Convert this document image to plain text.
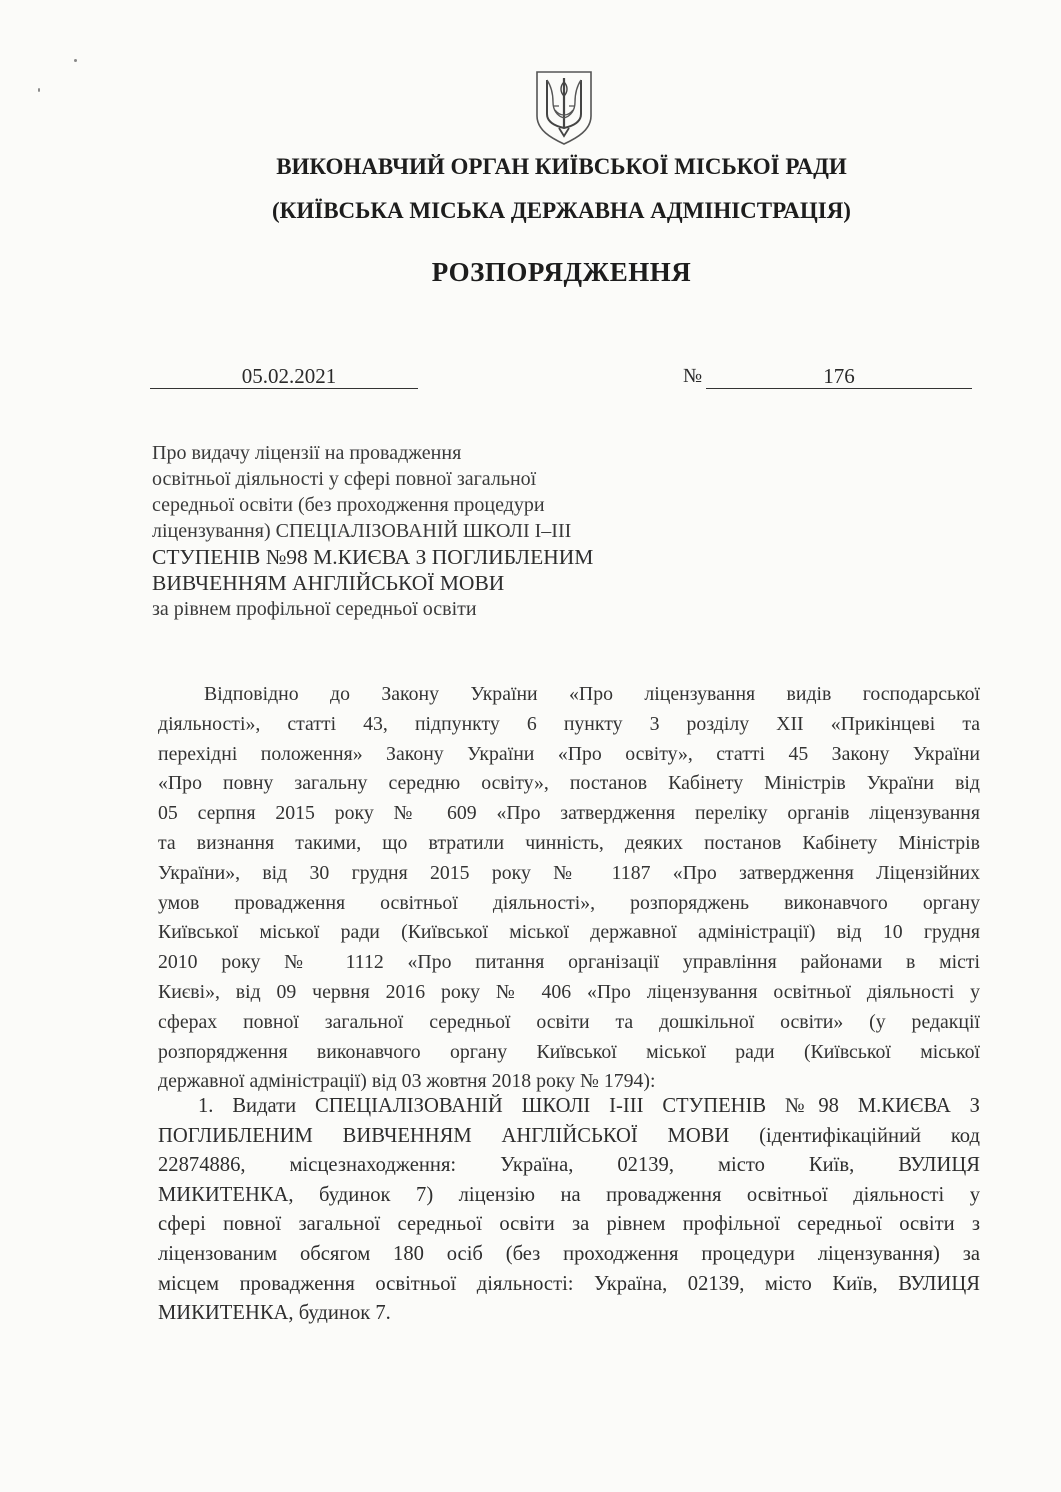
ВИКОНАВЧИЙ ОРГАН КИЇВСЬКОЇ МІСЬКОЇ РАДИ

(КИЇВСЬКА МІСЬКА ДЕРЖАВНА АДМІНІСТРАЦІЯ)

РОЗПОРЯДЖЕННЯ

05.02.2021	№	176
Про видачу ліцензії на провадження
освітньої діяльності у сфері повної загальної
середньої освіти (без проходження процедури
ліцензування) СПЕЦІАЛІЗОВАНІЙ ШКОЛІ І–ІІІ
СТУПЕНІВ №98 М.КИЄВА З ПОГЛИБЛЕНИМ
ВИВЧЕННЯМ АНГЛІЙСЬКОЇ МОВИ
за рівнем профільної середньої освіти
Відповідно до Закону України «Про ліцензування видів господарської
діяльності», статті 43, підпункту 6 пункту 3 розділу ХІІ «Прикінцеві та
перехідні положення» Закону України «Про освіту», статті 45 Закону України
«Про повну загальну середню освіту», постанов Кабінету Міністрів України від
05 серпня 2015 року № 609 «Про затвердження переліку органів ліцензування
та визнання такими, що втратили чинність, деяких постанов Кабінету Міністрів
України», від 30 грудня 2015 року № 1187 «Про затвердження Ліцензійних
умов провадження освітньої діяльності», розпоряджень виконавчого органу
Київської міської ради (Київської міської державної адміністрації) від 10 грудня
2010 року № 1112 «Про питання організації управління районами в місті
Києві», від 09 червня 2016 року № 406 «Про ліцензування освітньої діяльності у
сферах повної загальної середньої освіти та дошкільної освіти» (у редакції
розпорядження виконавчого органу Київської міської ради (Київської міської
державної адміністрації) від 03 жовтня 2018 року № 1794):
1. Видати СПЕЦІАЛІЗОВАНІЙ ШКОЛІ І-ІІІ СТУПЕНІВ №98 М.КИЄВА З
ПОГЛИБЛЕНИМ ВИВЧЕННЯМ АНГЛІЙСЬКОЇ МОВИ (ідентифікаційний код
22874886, місцезнаходження: Україна, 02139, місто Київ, ВУЛИЦЯ
МИКИТЕНКА, будинок 7) ліцензію на провадження освітньої діяльності у
сфері повної загальної середньої освіти за рівнем профільної середньої освіти з
ліцензованим обсягом 180 осіб (без проходження процедури ліцензування) за
місцем провадження освітньої діяльності: Україна, 02139, місто Київ, ВУЛИЦЯ
МИКИТЕНКА, будинок 7.
